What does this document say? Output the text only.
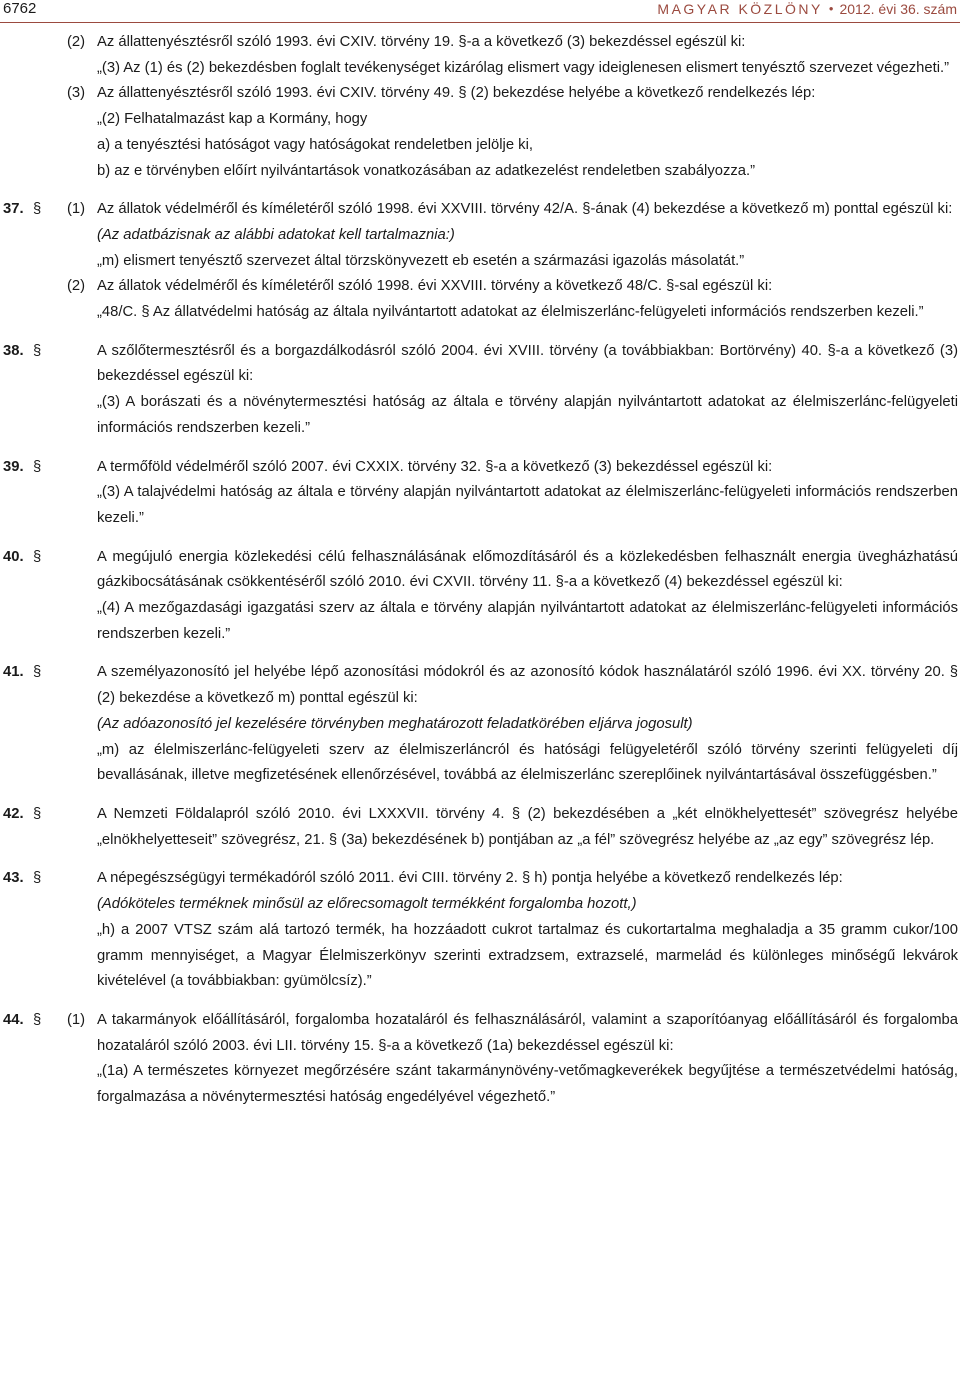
6762	MAGYAR KÖZLÖNY ● 2012. évi 36. szám
(2) Az állattenyésztésről szóló 1993. évi CXIV. törvény 19. §-a a következő (3) bekezdéssel egészül ki:
„(3) Az (1) és (2) bekezdésben foglalt tevékenységet kizárólag elismert vagy ideiglenesen elismert tenyésztő szervezet végezheti.”
(3) Az állattenyésztésről szóló 1993. évi CXIV. törvény 49. § (2) bekezdése helyébe a következő rendelkezés lép:
„(2) Felhatalmazást kap a Kormány, hogy
a) a tenyésztési hatóságot vagy hatóságokat rendeletben jelölje ki,
b) az e törvényben előírt nyilvántartások vonatkozásában az adatkezelést rendeletben szabályozza.”
37. § (1) Az állatok védelméről és kíméletéről szóló 1998. évi XXVIII. törvény 42/A. §-ának (4) bekezdése a következő m) ponttal egészül ki:
(Az adatbázisnak az alábbi adatokat kell tartalmaznia:)
„m) elismert tenyésztő szervezet által törzskönyvezett eb esetén a származási igazolás másolatát.”
(2) Az állatok védelméről és kíméletéről szóló 1998. évi XXVIII. törvény a következő 48/C. §-sal egészül ki:
„48/C. § Az állatvédelmi hatóság az általa nyilvántartott adatokat az élelmiszerlánc-felügyeleti információs rendszerben kezeli.”
38. §	A szőlőtermesztésről és a borgazdálkodásról szóló 2004. évi XVIII. törvény (a továbbiakban: Bortörvény) 40. §-a a következő (3) bekezdéssel egészül ki:
„(3) A borászati és a növénytermesztési hatóság az általa e törvény alapján nyilvántartott adatokat az élelmiszerlánc-felügyeleti információs rendszerben kezeli.”
39. §	A termőföld védelméről szóló 2007. évi CXXIX. törvény 32. §-a a következő (3) bekezdéssel egészül ki:
„(3) A talajvédelmi hatóság az általa e törvény alapján nyilvántartott adatokat az élelmiszerlánc-felügyeleti információs rendszerben kezeli.”
40. §	A megújuló energia közlekedési célú felhasználásának előmozdításáról és a közlekedésben felhasznált energia üvegházhatású gázkibocsátásának csökkentéséről szóló 2010. évi CXVII. törvény 11. §-a a következő (4) bekezdéssel egészül ki:
„(4) A mezőgazdasági igazgatási szerv az általa e törvény alapján nyilvántartott adatokat az élelmiszerlánc-felügyeleti információs rendszerben kezeli.”
41. §	A személyazonosító jel helyébe lépő azonosítási módokról és az azonosító kódok használatáról szóló 1996. évi XX. törvény 20. § (2) bekezdése a következő m) ponttal egészül ki:
(Az adóazonosító jel kezelésére törvényben meghatározott feladatkörében eljárva jogosult)
„m) az élelmiszerlánc-felügyeleti szerv az élelmiszerláncról és hatósági felügyeletéről szóló törvény szerinti felügyeleti díj bevallásának, illetve megfizetésének ellenőrzésével, továbbá az élelmiszerlánc szereplőinek nyilvántartásával összefüggésben.”
42. §	A Nemzeti Földalapról szóló 2010. évi LXXXVII. törvény 4. § (2) bekezdésében a „két elnökhelyettesét” szövegrész helyébe „elnökhelyetteseit” szövegrész, 21. § (3a) bekezdésének b) pontjában az „a fél” szövegrész helyébe az „az egy” szövegrész lép.
43. §	A népegészségügyi termékadóról szóló 2011. évi CIII. törvény 2. § h) pontja helyébe a következő rendelkezés lép:
(Adóköteles terméknek minősül az előrecsomagolt termékként forgalomba hozott,)
„h) a 2007 VTSZ szám alá tartozó termék, ha hozzáadott cukrot tartalmaz és cukortartalma meghaladja a 35 gramm cukor/100 gramm mennyiséget, a Magyar Élelmiszerkönyv szerinti extradzsem, extrazselé, marmelád és különleges minőségű lekvárok kivételével (a továbbiakban: gyümölcsíz).”
44. § (1) A takarmányok előállításáról, forgalomba hozataláról és felhasználásáról, valamint a szaporítóanyag előállításáról és forgalomba hozataláról szóló 2003. évi LII. törvény 15. §-a a következő (1a) bekezdéssel egészül ki:
„(1a) A természetes környezet megőrzésére szánt takarmánynövény-vetőmagkeverékek begyűjtése a természetvédelmi hatóság, forgalmazása a növénytermesztési hatóság engedélyével végezhető.”
